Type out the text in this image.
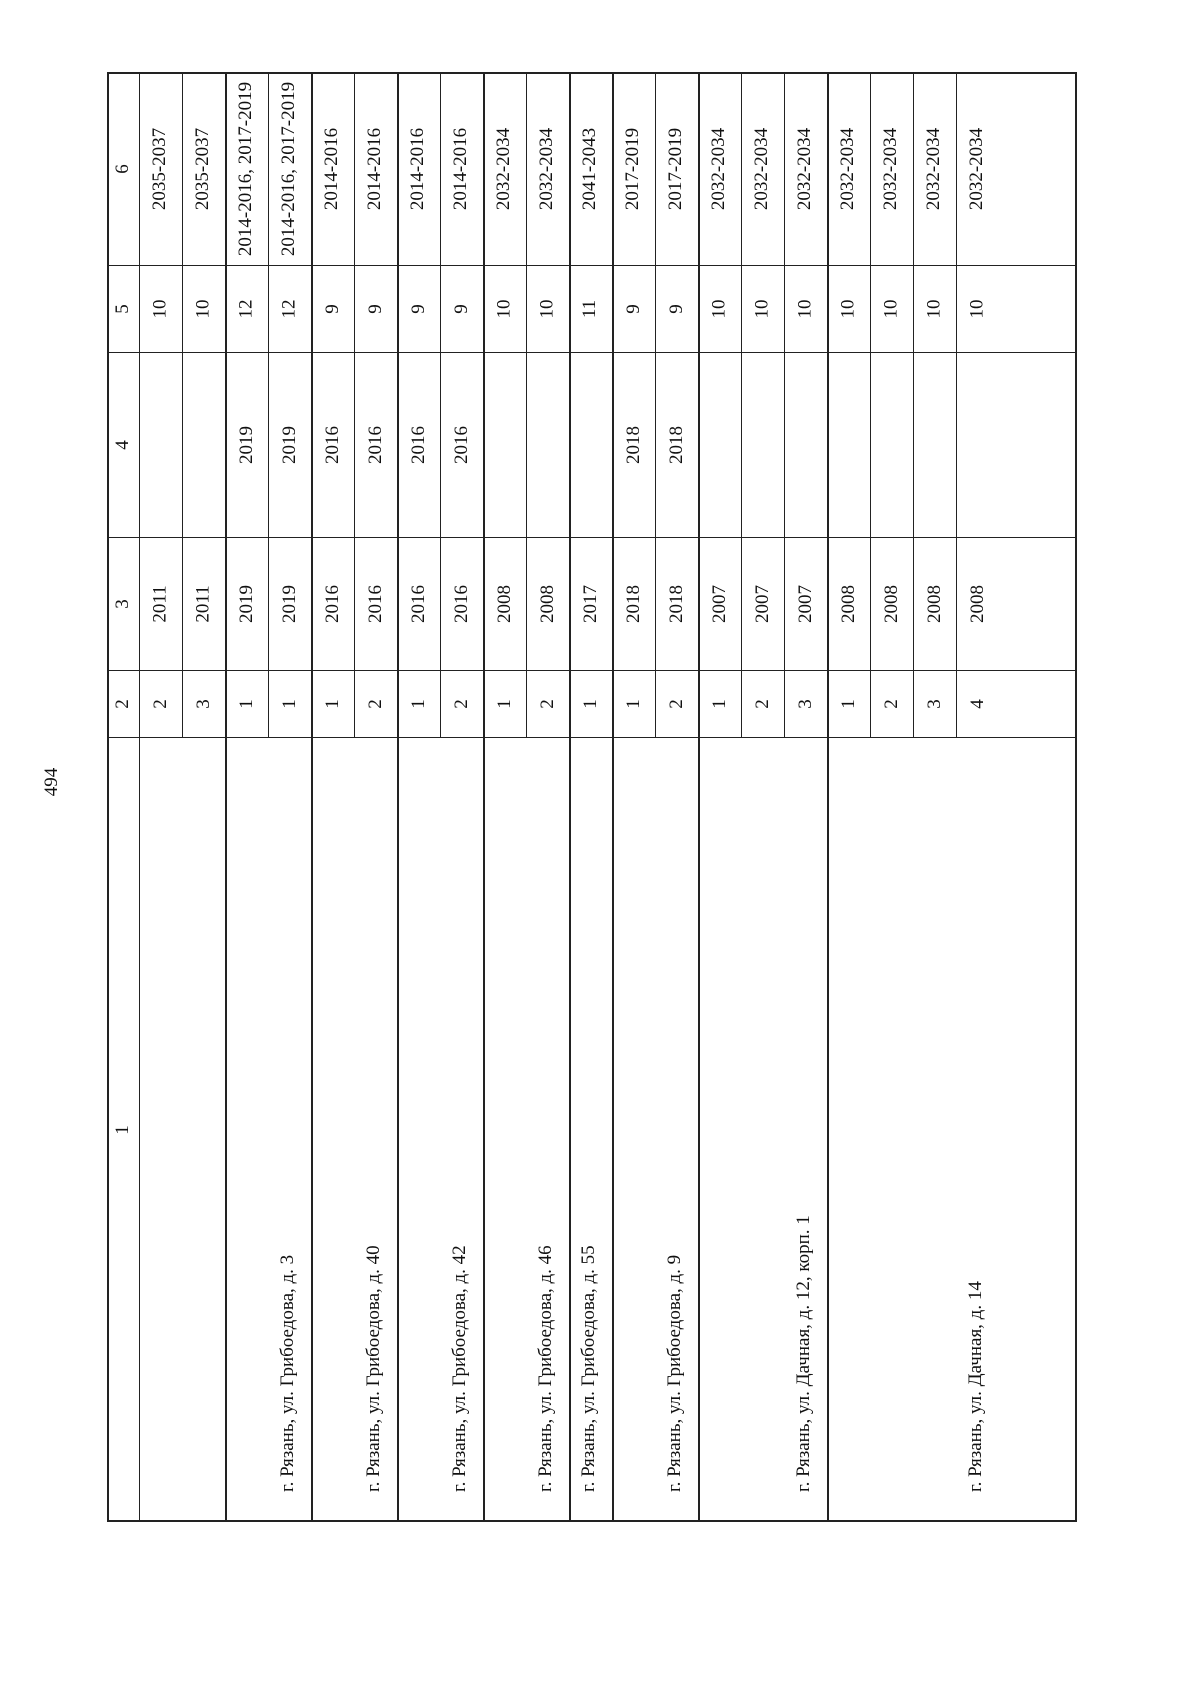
494
1
2
3
4
5
6
2
2011
10
2035-2037
3
2011
10
2035-2037
1
2019
2019
12
2014-2016, 2017-2019
1
2019
2019
12
2014-2016, 2017-2019
г. Рязань, ул. Грибоедова, д. 3
1
2016
2016
9
2014-2016
2
2016
2016
9
2014-2016
г. Рязань, ул. Грибоедова, д. 40
1
2016
2016
9
2014-2016
2
2016
2016
9
2014-2016
г. Рязань, ул. Грибоедова, д. 42
1
2008
10
2032-2034
2
2008
10
2032-2034
г. Рязань, ул. Грибоедова, д. 46
1
2017
11
2041-2043
г. Рязань, ул. Грибоедова, д. 55
1
2018
2018
9
2017-2019
2
2018
2018
9
2017-2019
г. Рязань, ул. Грибоедова, д. 9
1
2007
10
2032-2034
2
2007
10
2032-2034
3
2007
10
2032-2034
г. Рязань, ул. Дачная, д. 12, корп. 1
1
2008
10
2032-2034
2
2008
10
2032-2034
3
2008
10
2032-2034
4
2008
10
2032-2034
г. Рязань, ул. Дачная, д. 14
